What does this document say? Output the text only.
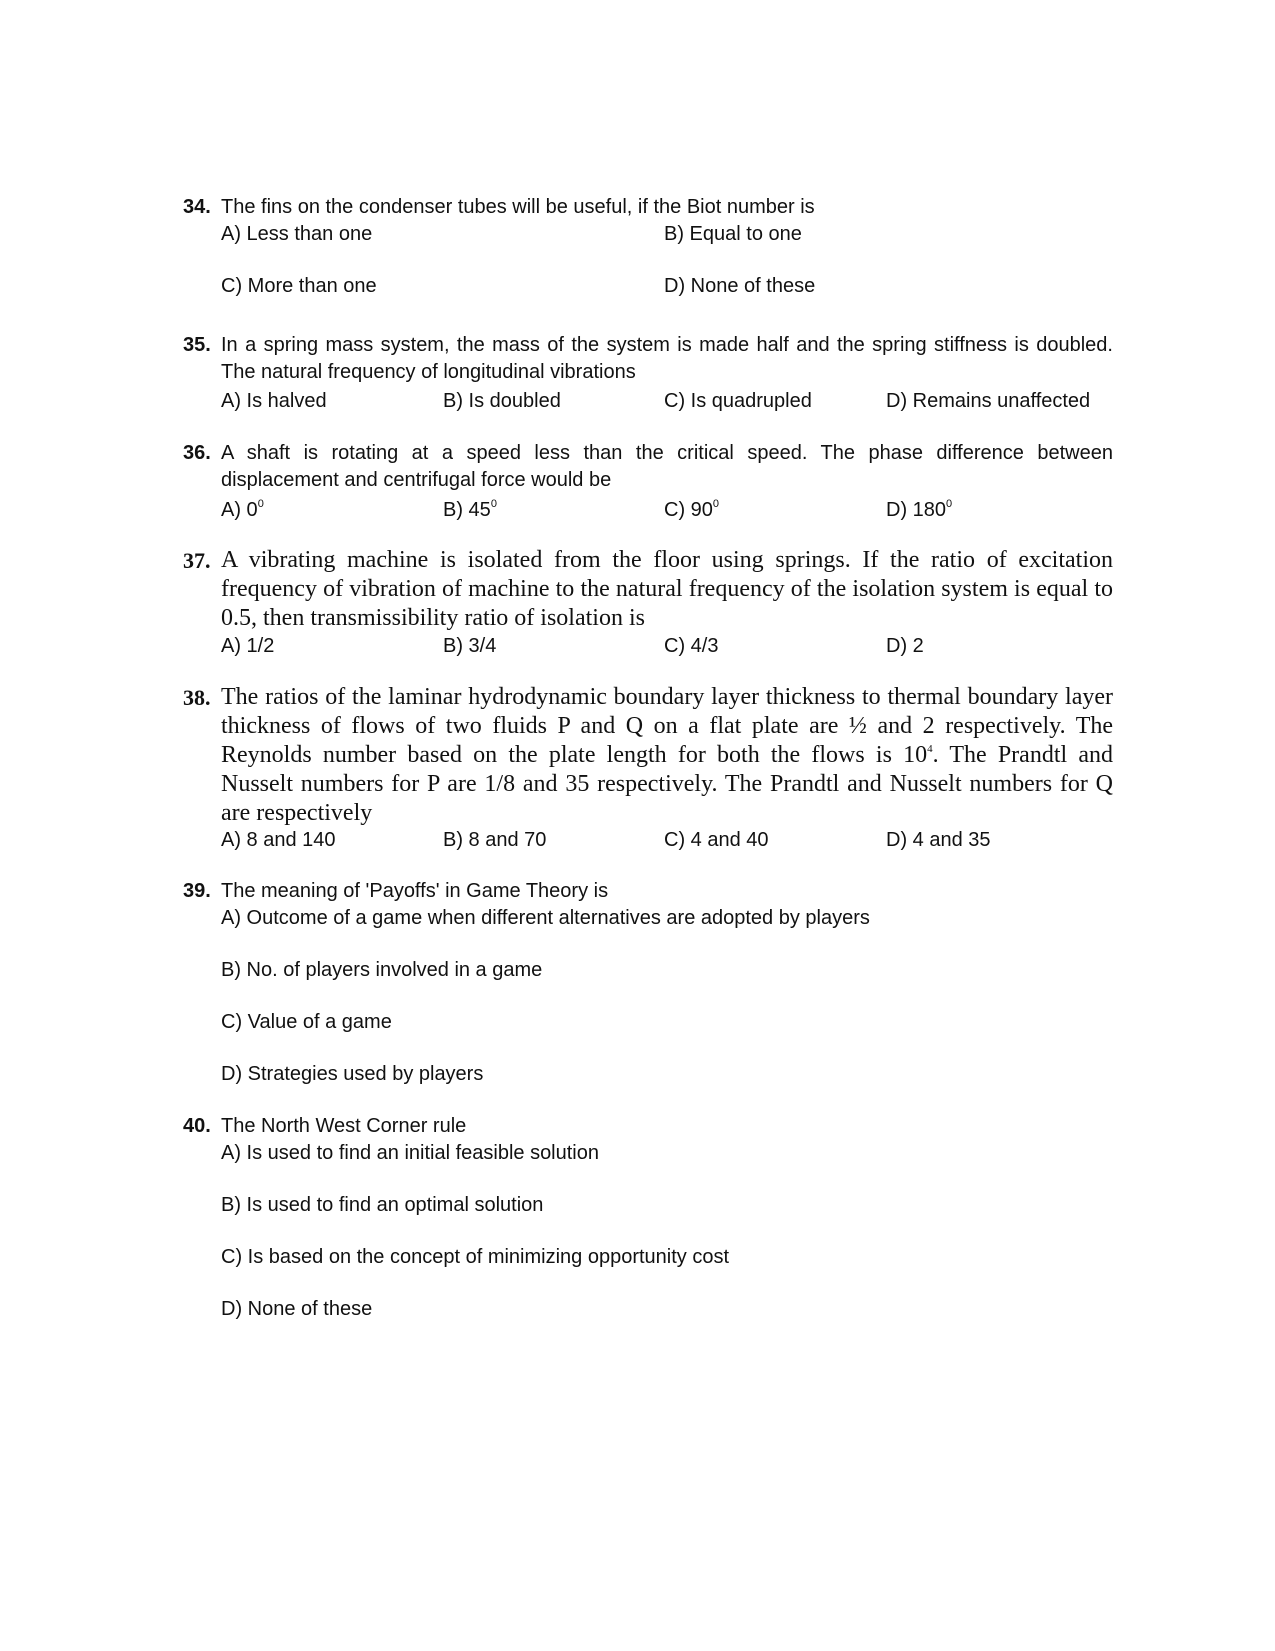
34. The fins on the condenser tubes will be useful, if the Biot number is
A) Less than one	B) Equal to one
C) More than one	D) None of these
35. In a spring mass system, the mass of the system is made half and the spring stiffness is doubled. The natural frequency of longitudinal vibrations
A) Is halved	B) Is doubled	C) Is quadrupled	D) Remains unaffected
36. A shaft is rotating at a speed less than the critical speed. The phase difference between displacement and centrifugal force would be
A) $0^0$	B) $45^0$	C) $90^0$	D) $180^0$
37. A vibrating machine is isolated from the floor using springs. If the ratio of excitation frequency of vibration of machine to the natural frequency of the isolation system is equal to 0.5, then transmissibility ratio of isolation is
A) 1/2	B) 3/4	C) 4/3	D) 2
38. The ratios of the laminar hydrodynamic boundary layer thickness to thermal boundary layer thickness of flows of two fluids P and Q on a flat plate are ½ and 2 respectively. The Reynolds number based on the plate length for both the flows is $10^4$. The Prandtl and Nusselt numbers for P are 1/8 and 35 respectively. The Prandtl and Nusselt numbers for Q are respectively
A) 8 and 140	B) 8 and 70	C) 4 and 40	D) 4 and 35
39. The meaning of 'Payoffs' in Game Theory is
A) Outcome of a game when different alternatives are adopted by players
B) No. of players involved in a game
C) Value of a game
D) Strategies used by players
40. The North West Corner rule
A) Is used to find an initial feasible solution
B) Is used to find an optimal solution
C) Is based on the concept of minimizing opportunity cost
D) None of these
